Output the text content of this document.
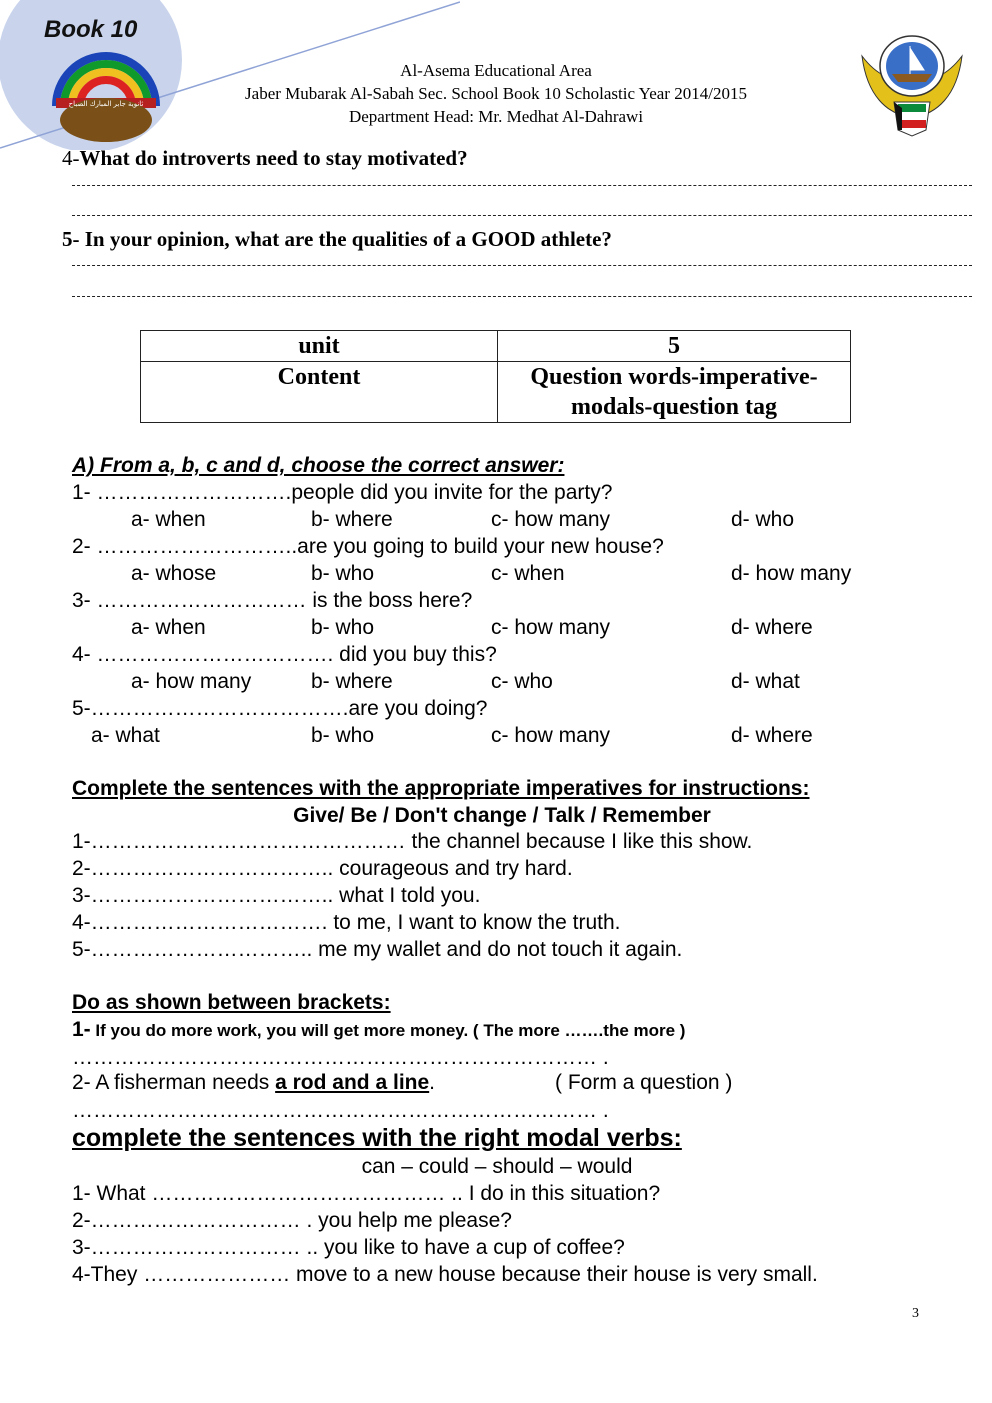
Book 10
ثانوية جابر المبارك الصباح
Al-Asema Educational Area
Jaber Mubarak Al-Sabah Sec. School Book 10 Scholastic Year 2014/2015
Department Head: Mr. Medhat Al-Dahrawi
4-What do introverts need to stay motivated?
5- In your opinion, what are the qualities of a GOOD athlete?
unit	5
Content	Question words-imperative-
modals-question tag
A) From a, b, c and d, choose the correct answer:
1- ……………………….people did you invite for the party?
a- when	b- where	c- how many	d- who
2- ………………………..are you going to build your new house?
a- whose	b- who	c- when	d- how many
3- ………………………… is the boss here?
a- when	b- who	c- how many	d- where
4- ……………………………. did you buy this?
a- how many	b- where	c- who	d- what
5-……………………………….are you doing?
a- what	b- who	c- how many	d- where
Complete the sentences with the appropriate imperatives for instructions:
Give/ Be / Don't change / Talk / Remember
1-……………………………………… the channel because I like this show.
2-…………………………….. courageous and try hard.
3-…………………………….. what I told you.
4-……………………………. to me, I want to know the truth.
5-………………………….. me my wallet and do not touch it again.
Do as shown between brackets:
1- If you do more work, you will get more money. ( The more …….the more )
………………………………………………………………… .
2- A fisherman needs a rod and a line.	( Form a question )
………………………………………………………………… .
complete the sentences with the right modal verbs:
can – could – should – would
1- What …………………………………… .. I do in this situation?
2-………………………… . you help me please?
3-………………………… .. you like to have a cup of coffee?
4-They ………………… move to a new house because their house is very small.
3
